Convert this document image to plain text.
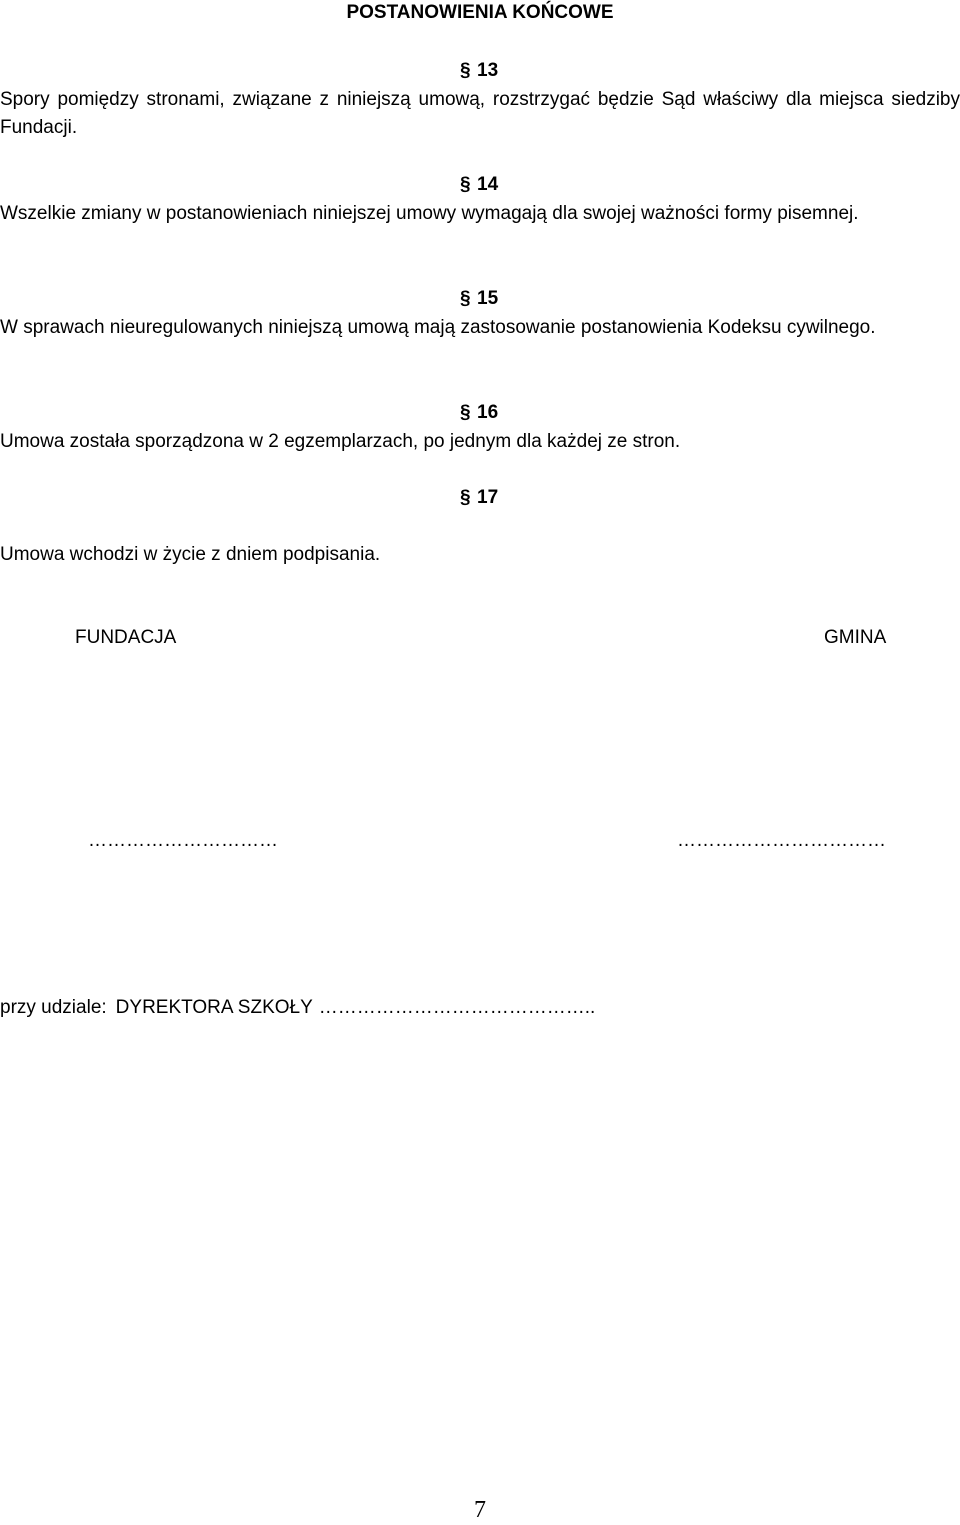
POSTANOWIENIA KOŃCOWE
§ 13
Spory pomiędzy stronami, związane z niniejszą umową, rozstrzygać będzie Sąd właściwy dla miejsca siedziby Fundacji.
§ 14
Wszelkie zmiany w postanowieniach niniejszej umowy wymagają dla swojej ważności formy pisemnej.
§ 15
W sprawach nieuregulowanych niniejszą umową mają zastosowanie postanowienia Kodeksu cywilnego.
§ 16
Umowa została sporządzona w 2 egzemplarzach, po jednym dla każdej ze stron.
§ 17
Umowa wchodzi w życie z dniem podpisania.
FUNDACJA	GMINA
…………………………	……………………………
przy udziale: DYREKTORA SZKOŁY ……………………………………..
7
